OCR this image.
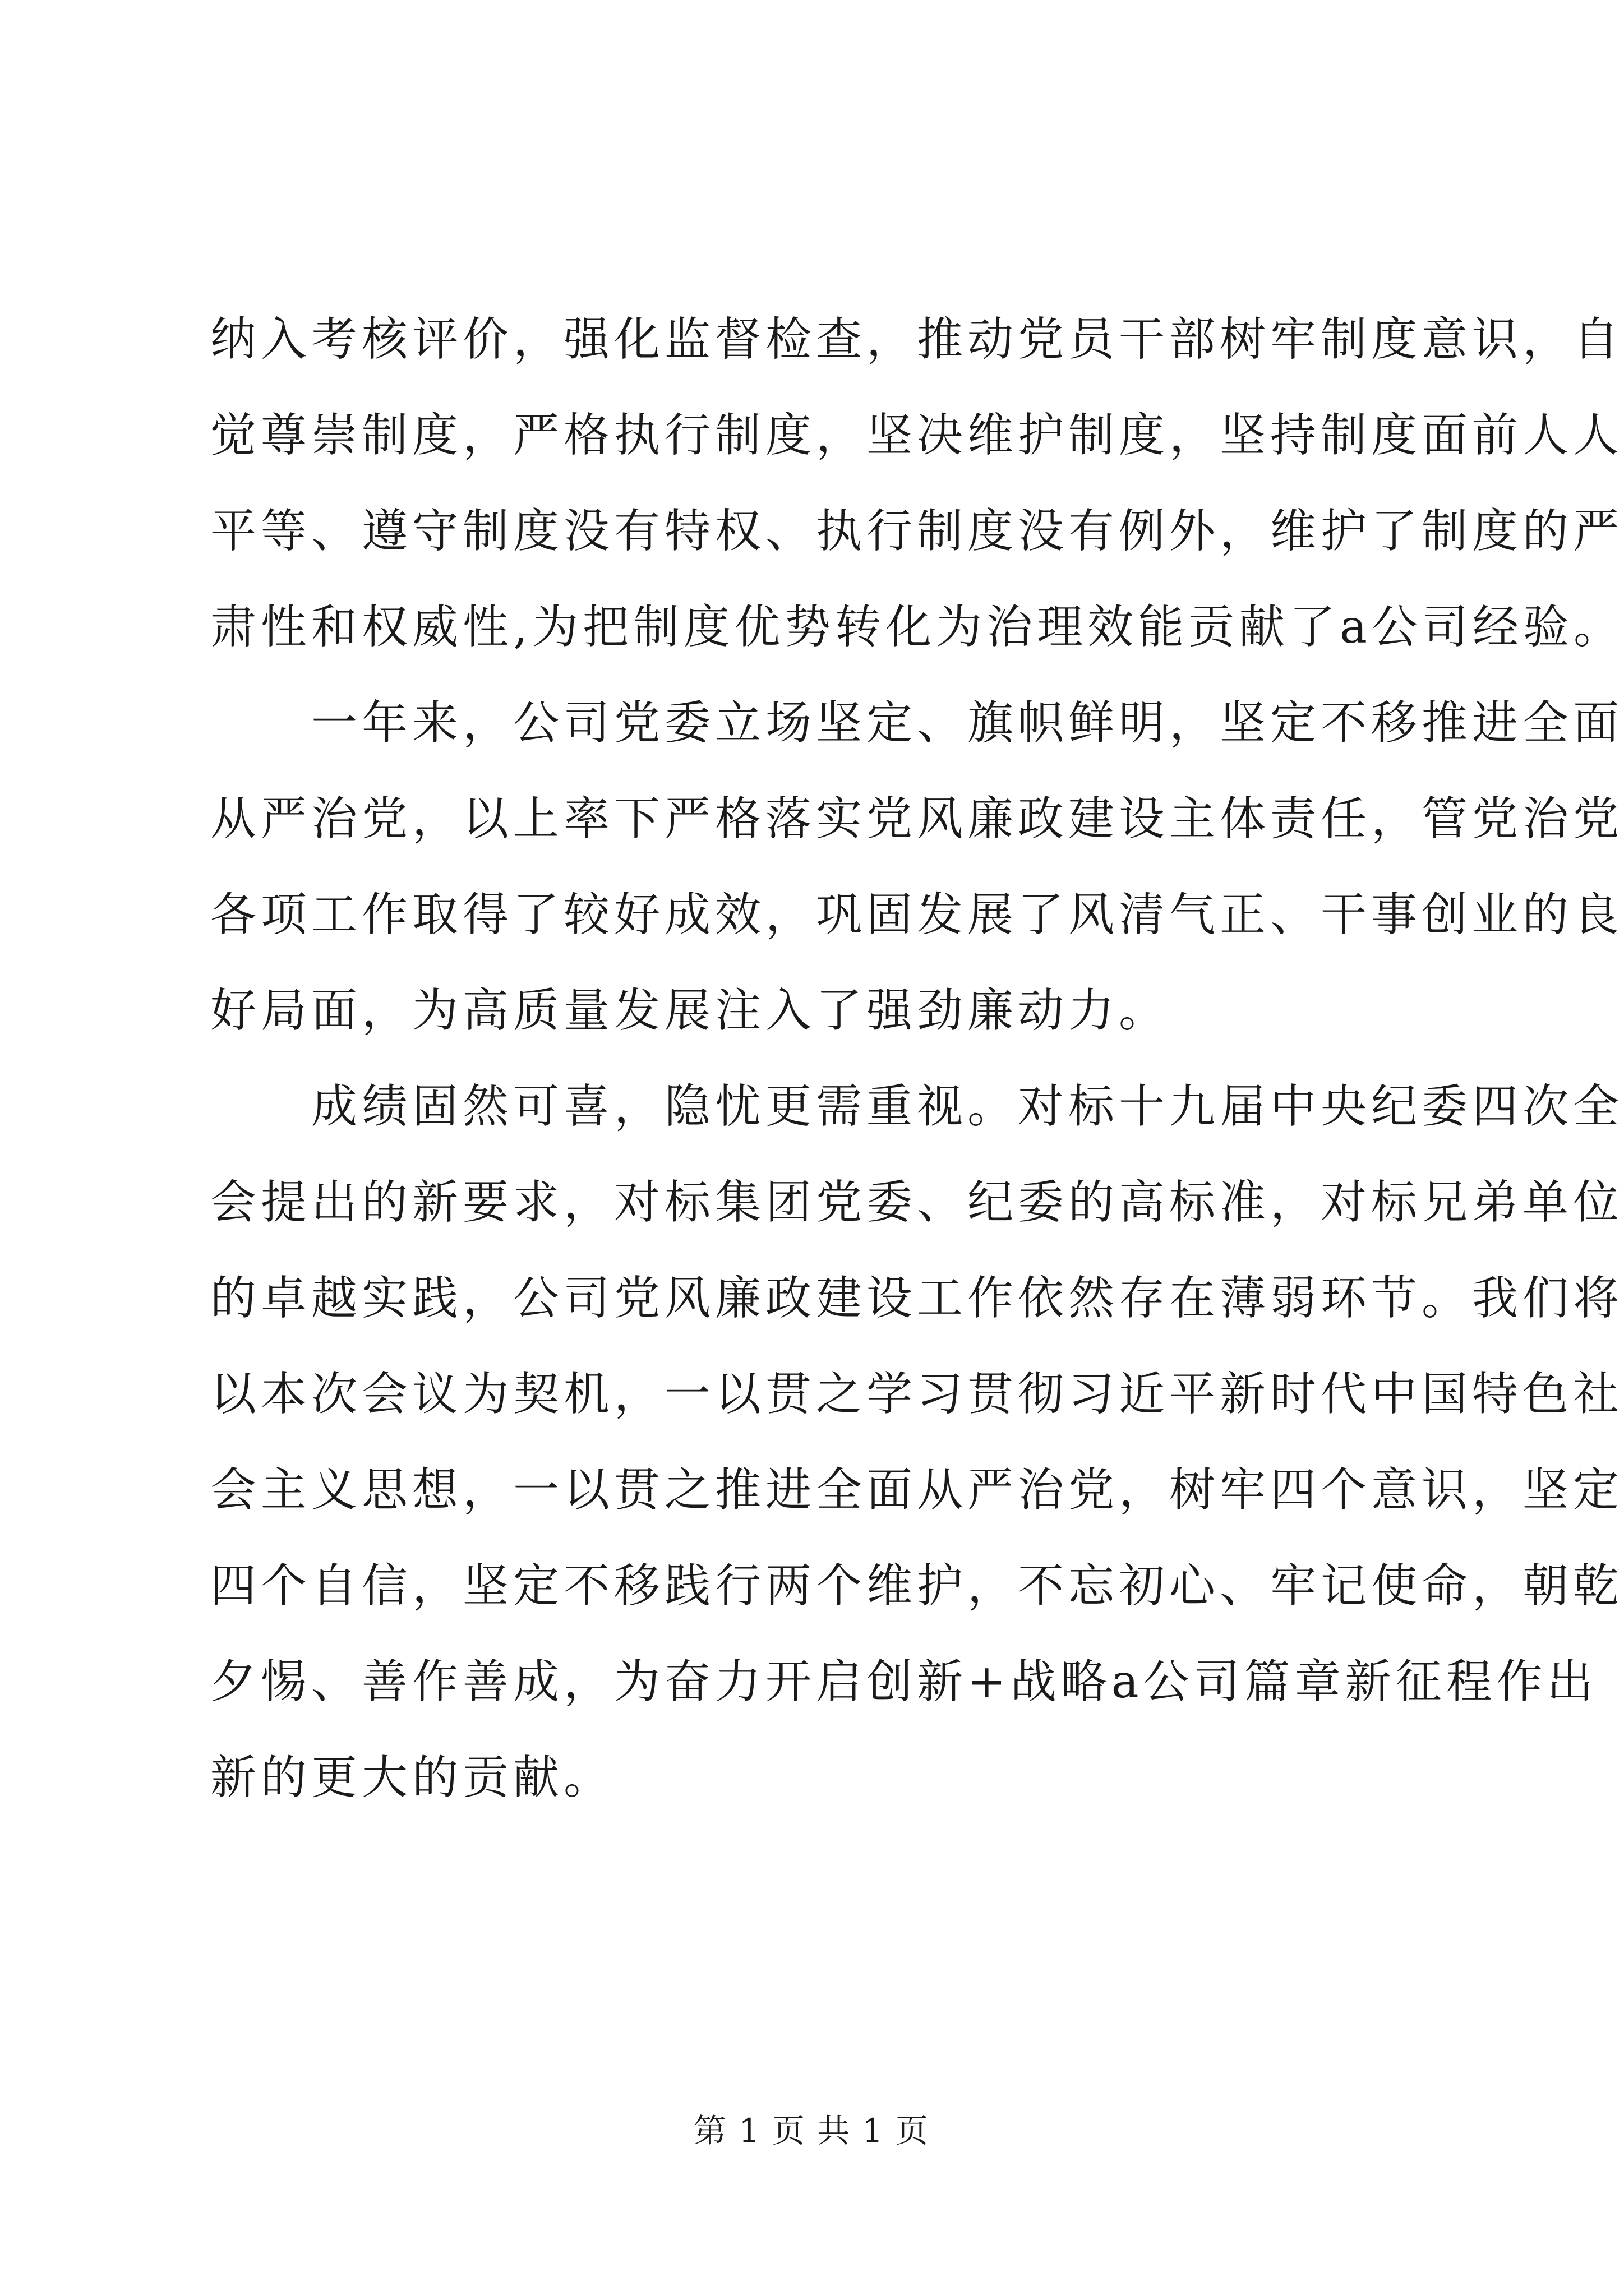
纳入考核评价，强化监督检查，推动党员干部树牢制度意识，自
觉尊崇制度，严格执行制度，坚决维护制度，坚持制度面前人人
平等、遵守制度没有特权、执行制度没有例外，维护了制度的严
肃性和权威性,为把制度优势转化为治理效能贡献了a公司经验。
一年来，公司党委立场坚定、旗帜鲜明，坚定不移推进全面
从严治党，以上率下严格落实党风廉政建设主体责任，管党治党
各项工作取得了较好成效，巩固发展了风清气正、干事创业的良
好局面，为高质量发展注入了强劲廉动力。
成绩固然可喜，隐忧更需重视。对标十九届中央纪委四次全
会提出的新要求，对标集团党委、纪委的高标准，对标兄弟单位
的卓越实践，公司党风廉政建设工作依然存在薄弱环节。我们将
以本次会议为契机，一以贯之学习贯彻习近平新时代中国特色社
会主义思想，一以贯之推进全面从严治党，树牢四个意识，坚定
四个自信，坚定不移践行两个维护，不忘初心、牢记使命，朝乾
夕惕、善作善成，为奋力开启创新+战略a公司篇章新征程作出
新的更大的贡献。
第 1 页 共 1 页
